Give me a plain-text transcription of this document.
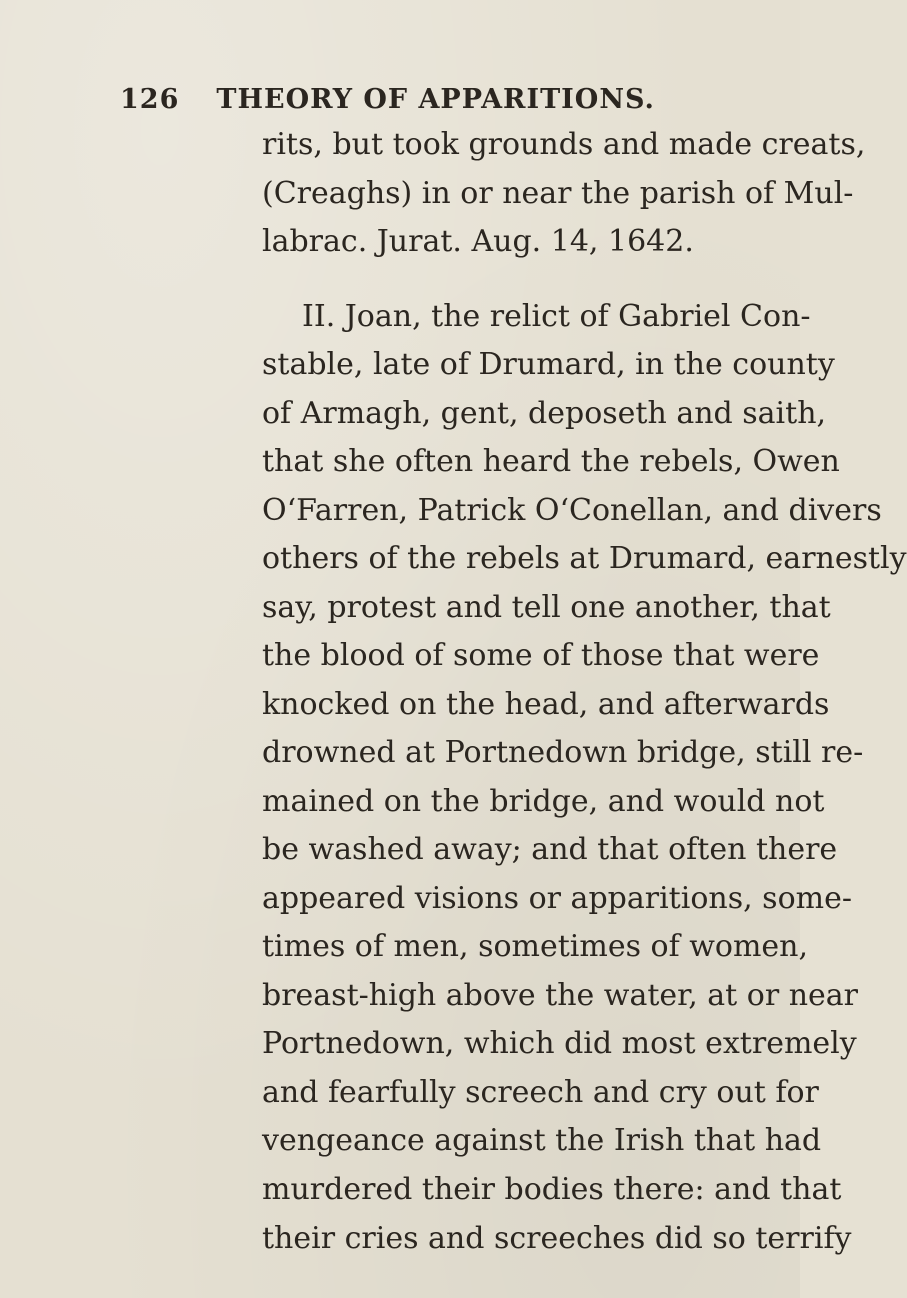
126 THEORY OF APPARITIONS.
rits, but took grounds and made creats,
(Creaghs) in or near the parish of Mul-
labrac. Jurat. Aug. 14, 1642.
II. Joan, the relict of Gabriel Con-
stable, late of Drumard, in the county
of Armagh, gent, deposeth and saith,
that she often heard the rebels, Owen
O‘Farren, Patrick O‘Conellan, and divers
others of the rebels at Drumard, earnestly
say, protest and tell one another, that
the blood of some of those that were
knocked on the head, and afterwards
drowned at Portnedown bridge, still re-
mained on the bridge, and would not
be washed away; and that often there
appeared visions or apparitions, some-
times of men, sometimes of women,
breast-high above the water, at or near
Portnedown, which did most extremely
and fearfully screech and cry out for
vengeance against the Irish that had
murdered their bodies there: and that
their cries and screeches did so terrify
